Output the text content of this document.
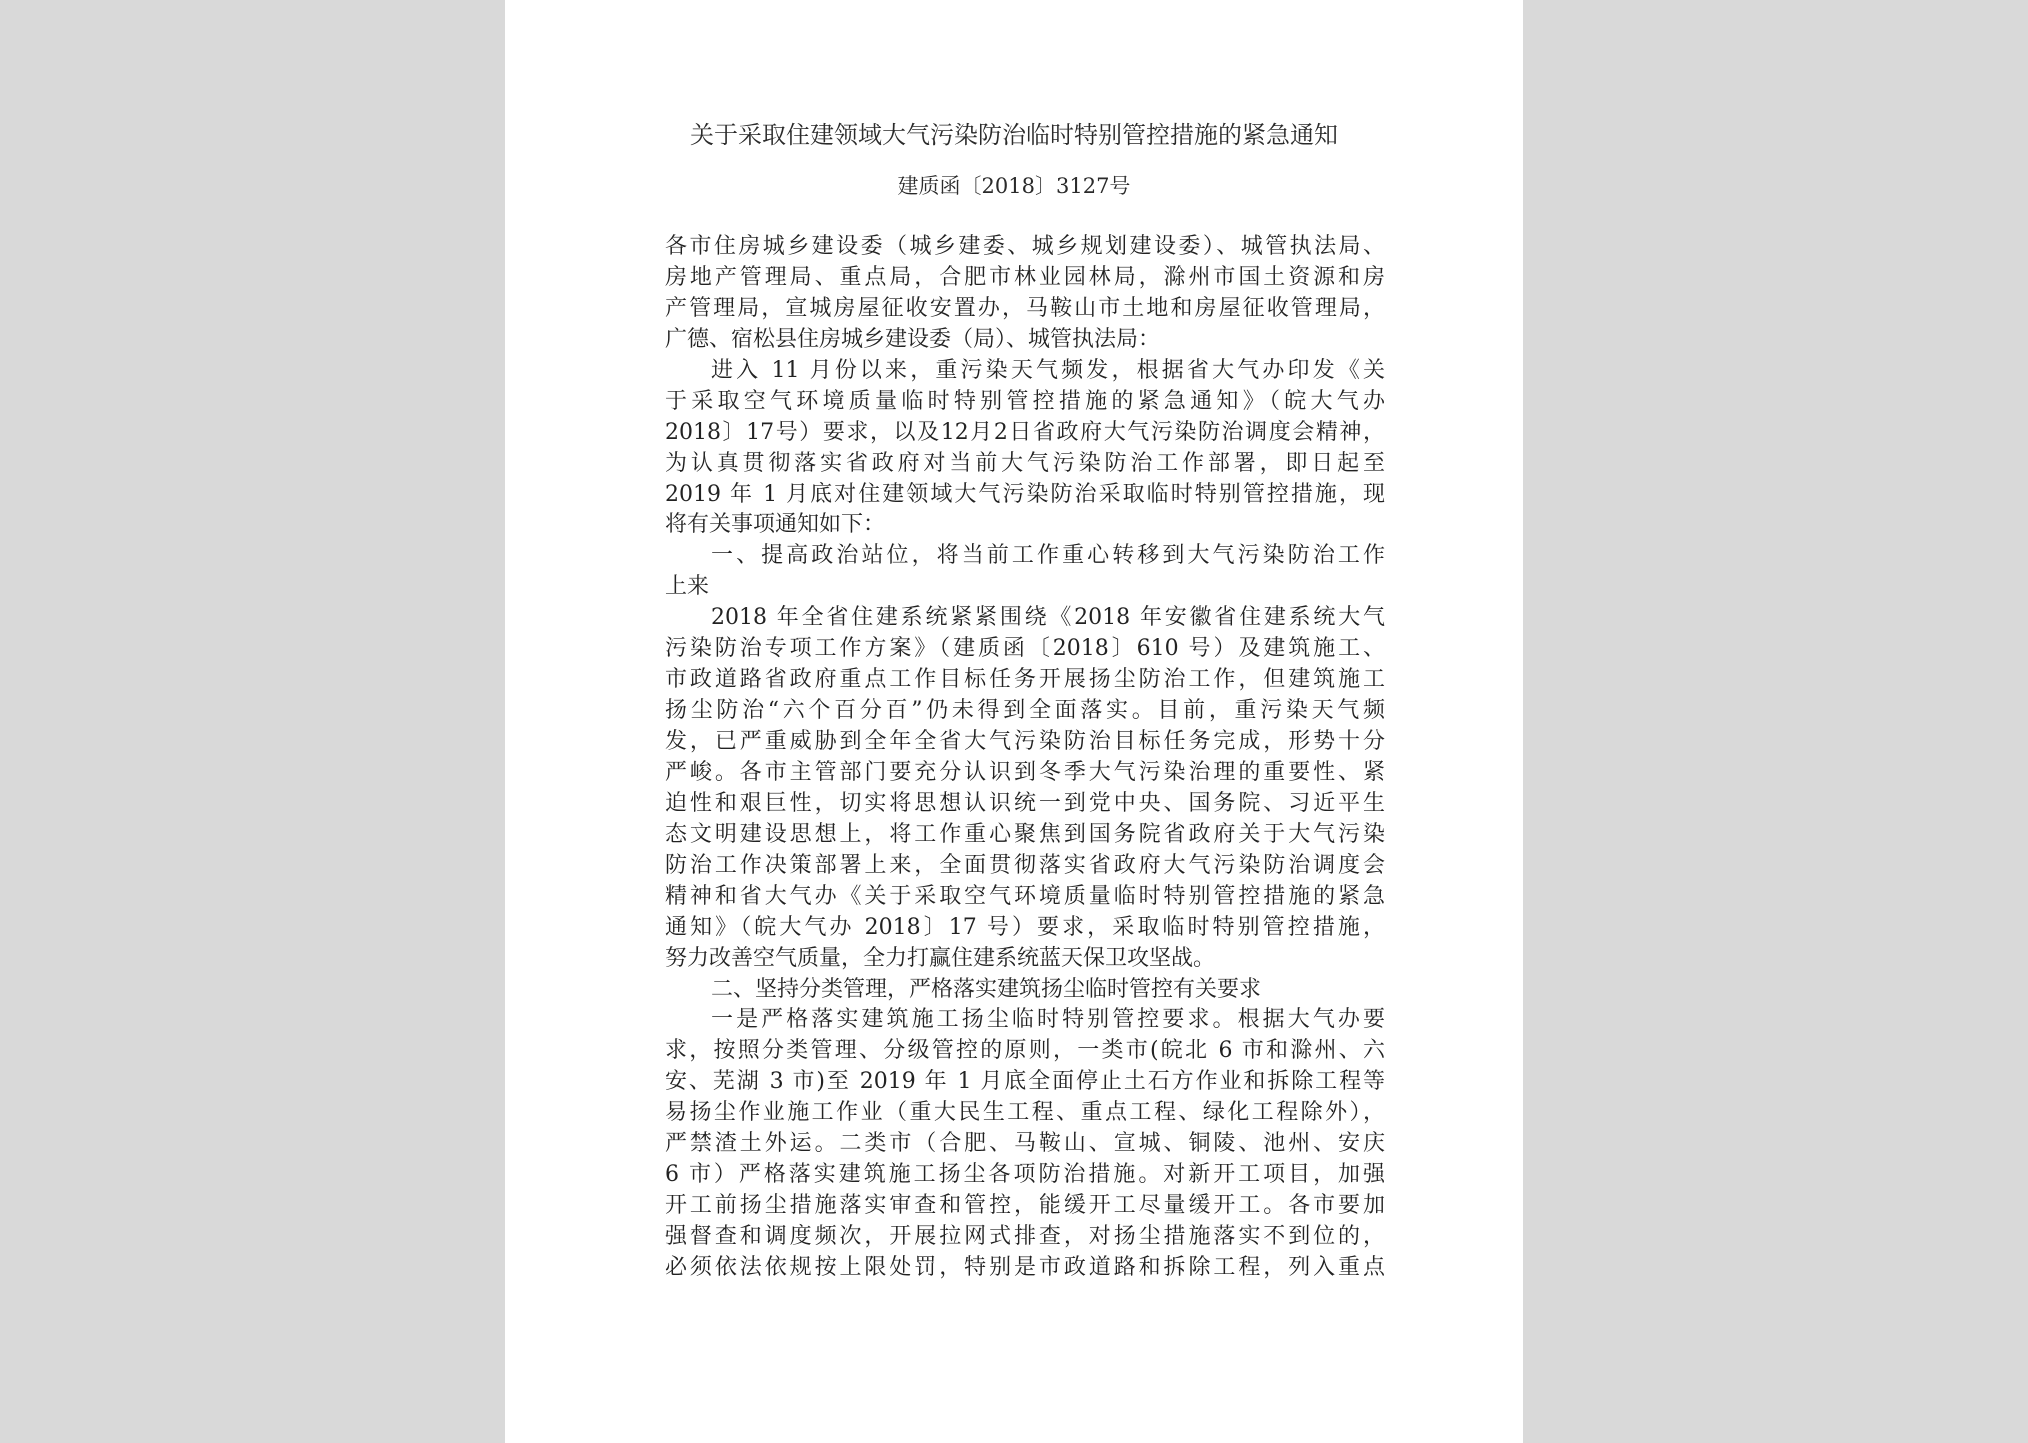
关于采取住建领域大气污染防治临时特别管控措施的紧急通知
建质函〔2018〕3127号
各市住房城乡建设委（城乡建委、城乡规划建设委）、城管执法局、
房地产管理局、重点局，合肥市林业园林局，滁州市国土资源和房
产管理局，宣城房屋征收安置办，马鞍山市土地和房屋征收管理局，
广德、宿松县住房城乡建设委（局）、城管执法局：
进入 11 月份以来，重污染天气频发，根据省大气办印发《关
于采取空气环境质量临时特别管控措施的紧急通知》（皖大气办
2018〕17号）要求，以及12月2日省政府大气污染防治调度会精神，
为认真贯彻落实省政府对当前大气污染防治工作部署，即日起至
2019 年 1 月底对住建领域大气污染防治采取临时特别管控措施，现
将有关事项通知如下：
一、提高政治站位，将当前工作重心转移到大气污染防治工作
上来
2018 年全省住建系统紧紧围绕《2018 年安徽省住建系统大气
污染防治专项工作方案》（建质函〔2018〕610 号）及建筑施工、
市政道路省政府重点工作目标任务开展扬尘防治工作，但建筑施工
扬尘防治“六个百分百”仍未得到全面落实。目前，重污染天气频
发，已严重威胁到全年全省大气污染防治目标任务完成，形势十分
严峻。各市主管部门要充分认识到冬季大气污染治理的重要性、紧
迫性和艰巨性，切实将思想认识统一到党中央、国务院、习近平生
态文明建设思想上，将工作重心聚焦到国务院省政府关于大气污染
防治工作决策部署上来，全面贯彻落实省政府大气污染防治调度会
精神和省大气办《关于采取空气环境质量临时特别管控措施的紧急
通知》（皖大气办 2018〕17 号）要求，采取临时特别管控措施，
努力改善空气质量，全力打赢住建系统蓝天保卫攻坚战。
二、坚持分类管理，严格落实建筑扬尘临时管控有关要求
一是严格落实建筑施工扬尘临时特别管控要求。根据大气办要
求，按照分类管理、分级管控的原则，一类市(皖北 6 市和滁州、六
安、芜湖 3 市)至 2019 年 1 月底全面停止土石方作业和拆除工程等
易扬尘作业施工作业（重大民生工程、重点工程、绿化工程除外），
严禁渣土外运。二类市（合肥、马鞍山、宣城、铜陵、池州、安庆
6 市）严格落实建筑施工扬尘各项防治措施。对新开工项目，加强
开工前扬尘措施落实审查和管控，能缓开工尽量缓开工。各市要加
强督查和调度频次，开展拉网式排查，对扬尘措施落实不到位的，
必须依法依规按上限处罚，特别是市政道路和拆除工程，列入重点
